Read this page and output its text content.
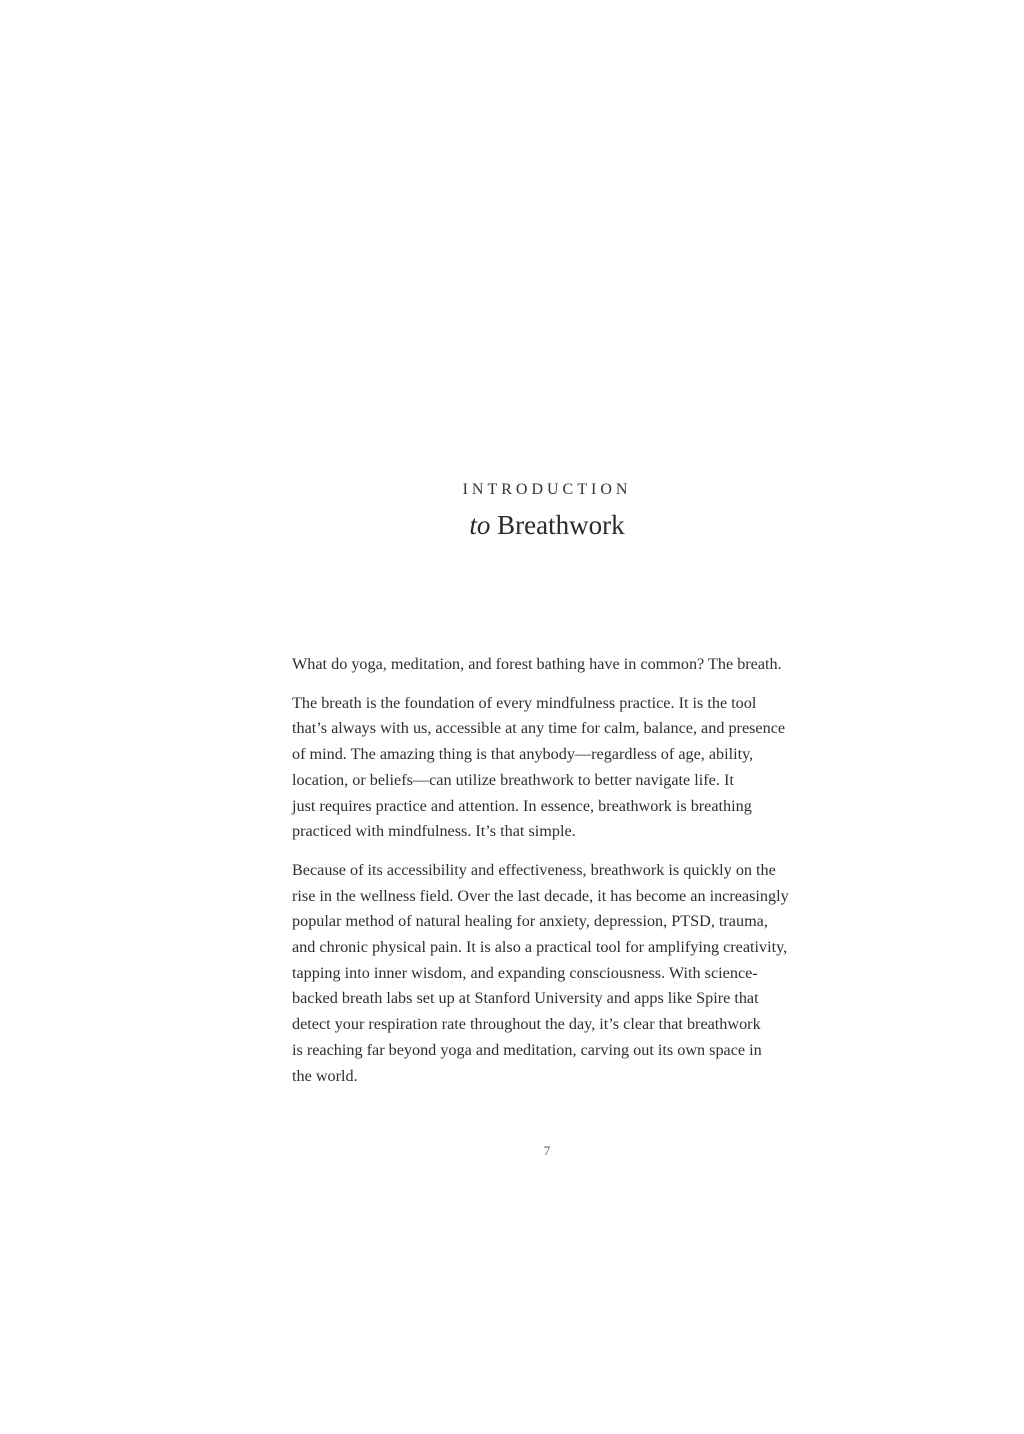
INTRODUCTION
to Breathwork

What do yoga, meditation, and forest bathing have in common? The breath.

The breath is the foundation of every mindfulness practice. It is the tool
that’s always with us, accessible at any time for calm, balance, and presence
of mind. The amazing thing is that anybody—regardless of age, ability,
location, or beliefs—can utilize breathwork to better navigate life. It
just requires practice and attention. In essence, breathwork is breathing
practiced with mindfulness. It’s that simple.

Because of its accessibility and effectiveness, breathwork is quickly on the
rise in the wellness field. Over the last decade, it has become an increasingly
popular method of natural healing for anxiety, depression, PTSD, trauma,
and chronic physical pain. It is also a practical tool for amplifying creativity,
tapping into inner wisdom, and expanding consciousness. With science-
backed breath labs set up at Stanford University and apps like Spire that
detect your respiration rate throughout the day, it’s clear that breathwork
is reaching far beyond yoga and meditation, carving out its own space in
the world.

7
